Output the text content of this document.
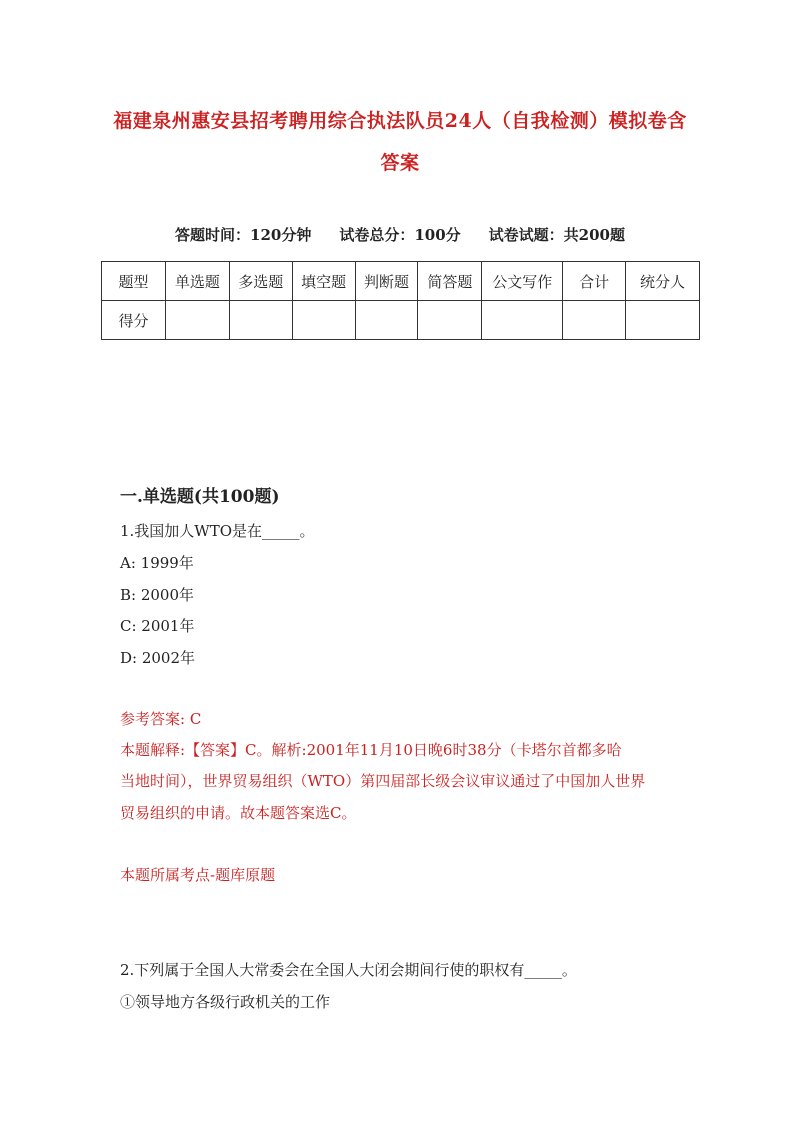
福建泉州惠安县招考聘用综合执法队员24人（自我检测）模拟卷含
答案
答题时间：120分钟 试卷总分：100分 试卷试题：共200题
题型	单选题	多选题	填空题	判断题	简答题	公文写作	合计	统分人
得分								
一.单选题(共100题)
1.我国加人WTO是在_____。
A: 1999年
B: 2000年
C: 2001年
D: 2002年
参考答案: C
本题解释:【答案】C。解析:2001年11月10日晚6时38分（卡塔尔首都多哈
当地时间），世界贸易组织（WTO）第四届部长级会议审议通过了中国加人世界
贸易组织的申请。故本题答案选C。
本题所属考点-题库原题
2.下列属于全国人大常委会在全国人大闭会期间行使的职权有_____。
①领导地方各级行政机关的工作
